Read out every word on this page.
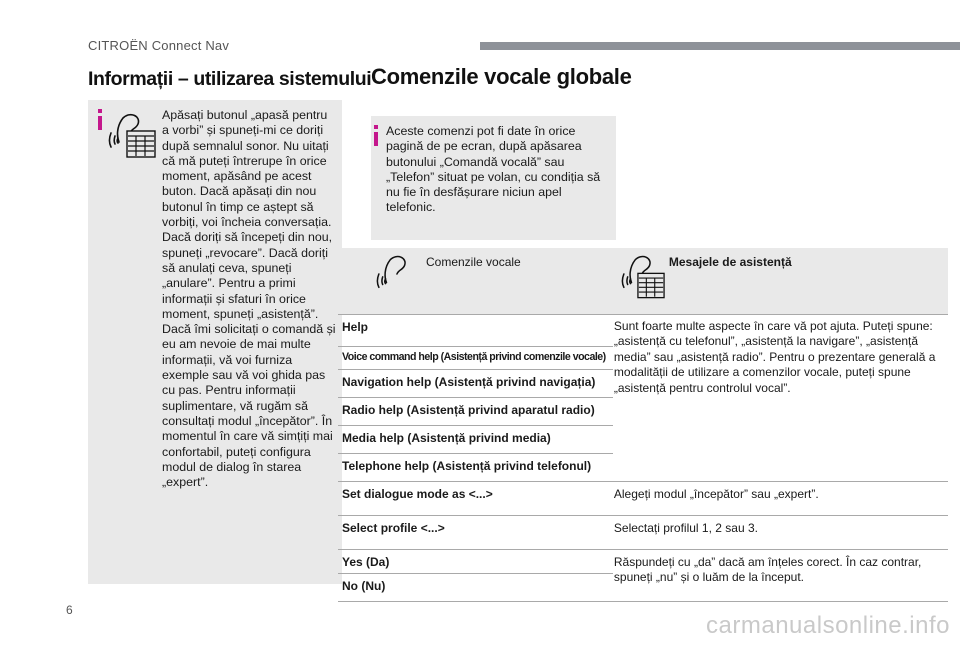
CITROËN Connect Nav
Informații – utilizarea sistemului Comenzile vocale globale
Apăsați butonul „apasă pentru a vorbi” și spuneți-mi ce doriți după semnalul sonor. Nu uitați că mă puteți întrerupe în orice moment, apăsând pe acest buton. Dacă apăsați din nou butonul în timp ce aștept să vorbiți, voi încheia conversația. Dacă doriți să începeți din nou, spuneți „revocare”. Dacă doriți să anulați ceva, spuneți „anulare”. Pentru a primi informații și sfaturi în orice moment, spuneți „asistență”. Dacă îmi solicitați o comandă și eu am nevoie de mai multe informații, vă voi furniza exemple sau vă voi ghida pas cu pas. Pentru informații suplimentare, vă rugăm să consultați modul „începător”. În momentul în care vă simțiți mai confortabil, puteți configura modul de dialog în starea „expert”.
Aceste comenzi pot fi date în orice pagină de pe ecran, după apăsarea butonului „Comandă vocală” sau „Telefon” situat pe volan, cu condiția să nu fie în desfășurare niciun apel telefonic.
Comenzile vocale	Mesajele de asistență

Help	Sunt foarte multe aspecte în care vă pot ajuta. Puteți spune: „asistență cu telefonul”, „asistență la navigare”, „asistență media” sau „asistență radio”. Pentru o prezentare generală a modalității de utilizare a comenzilor vocale, puteți spune „asistență pentru controlul vocal”.
Voice command help (Asistență privind comenzile vocale)	
Navigation help (Asistență privind navigația)	
Radio help (Asistență privind aparatul radio)	
Media help (Asistență privind media)	
Telephone help (Asistență privind telefonul)	
Set dialogue mode as <...>	Alegeți modul „începător” sau „expert”.
Select profile <...>	Selectați profilul 1, 2 sau 3.
Yes (Da)	Răspundeți cu „da” dacă am înțeles corect. În caz contrar, spuneți „nu” și o luăm de la început.
No (Nu)	
6
carmanualsonline.info
